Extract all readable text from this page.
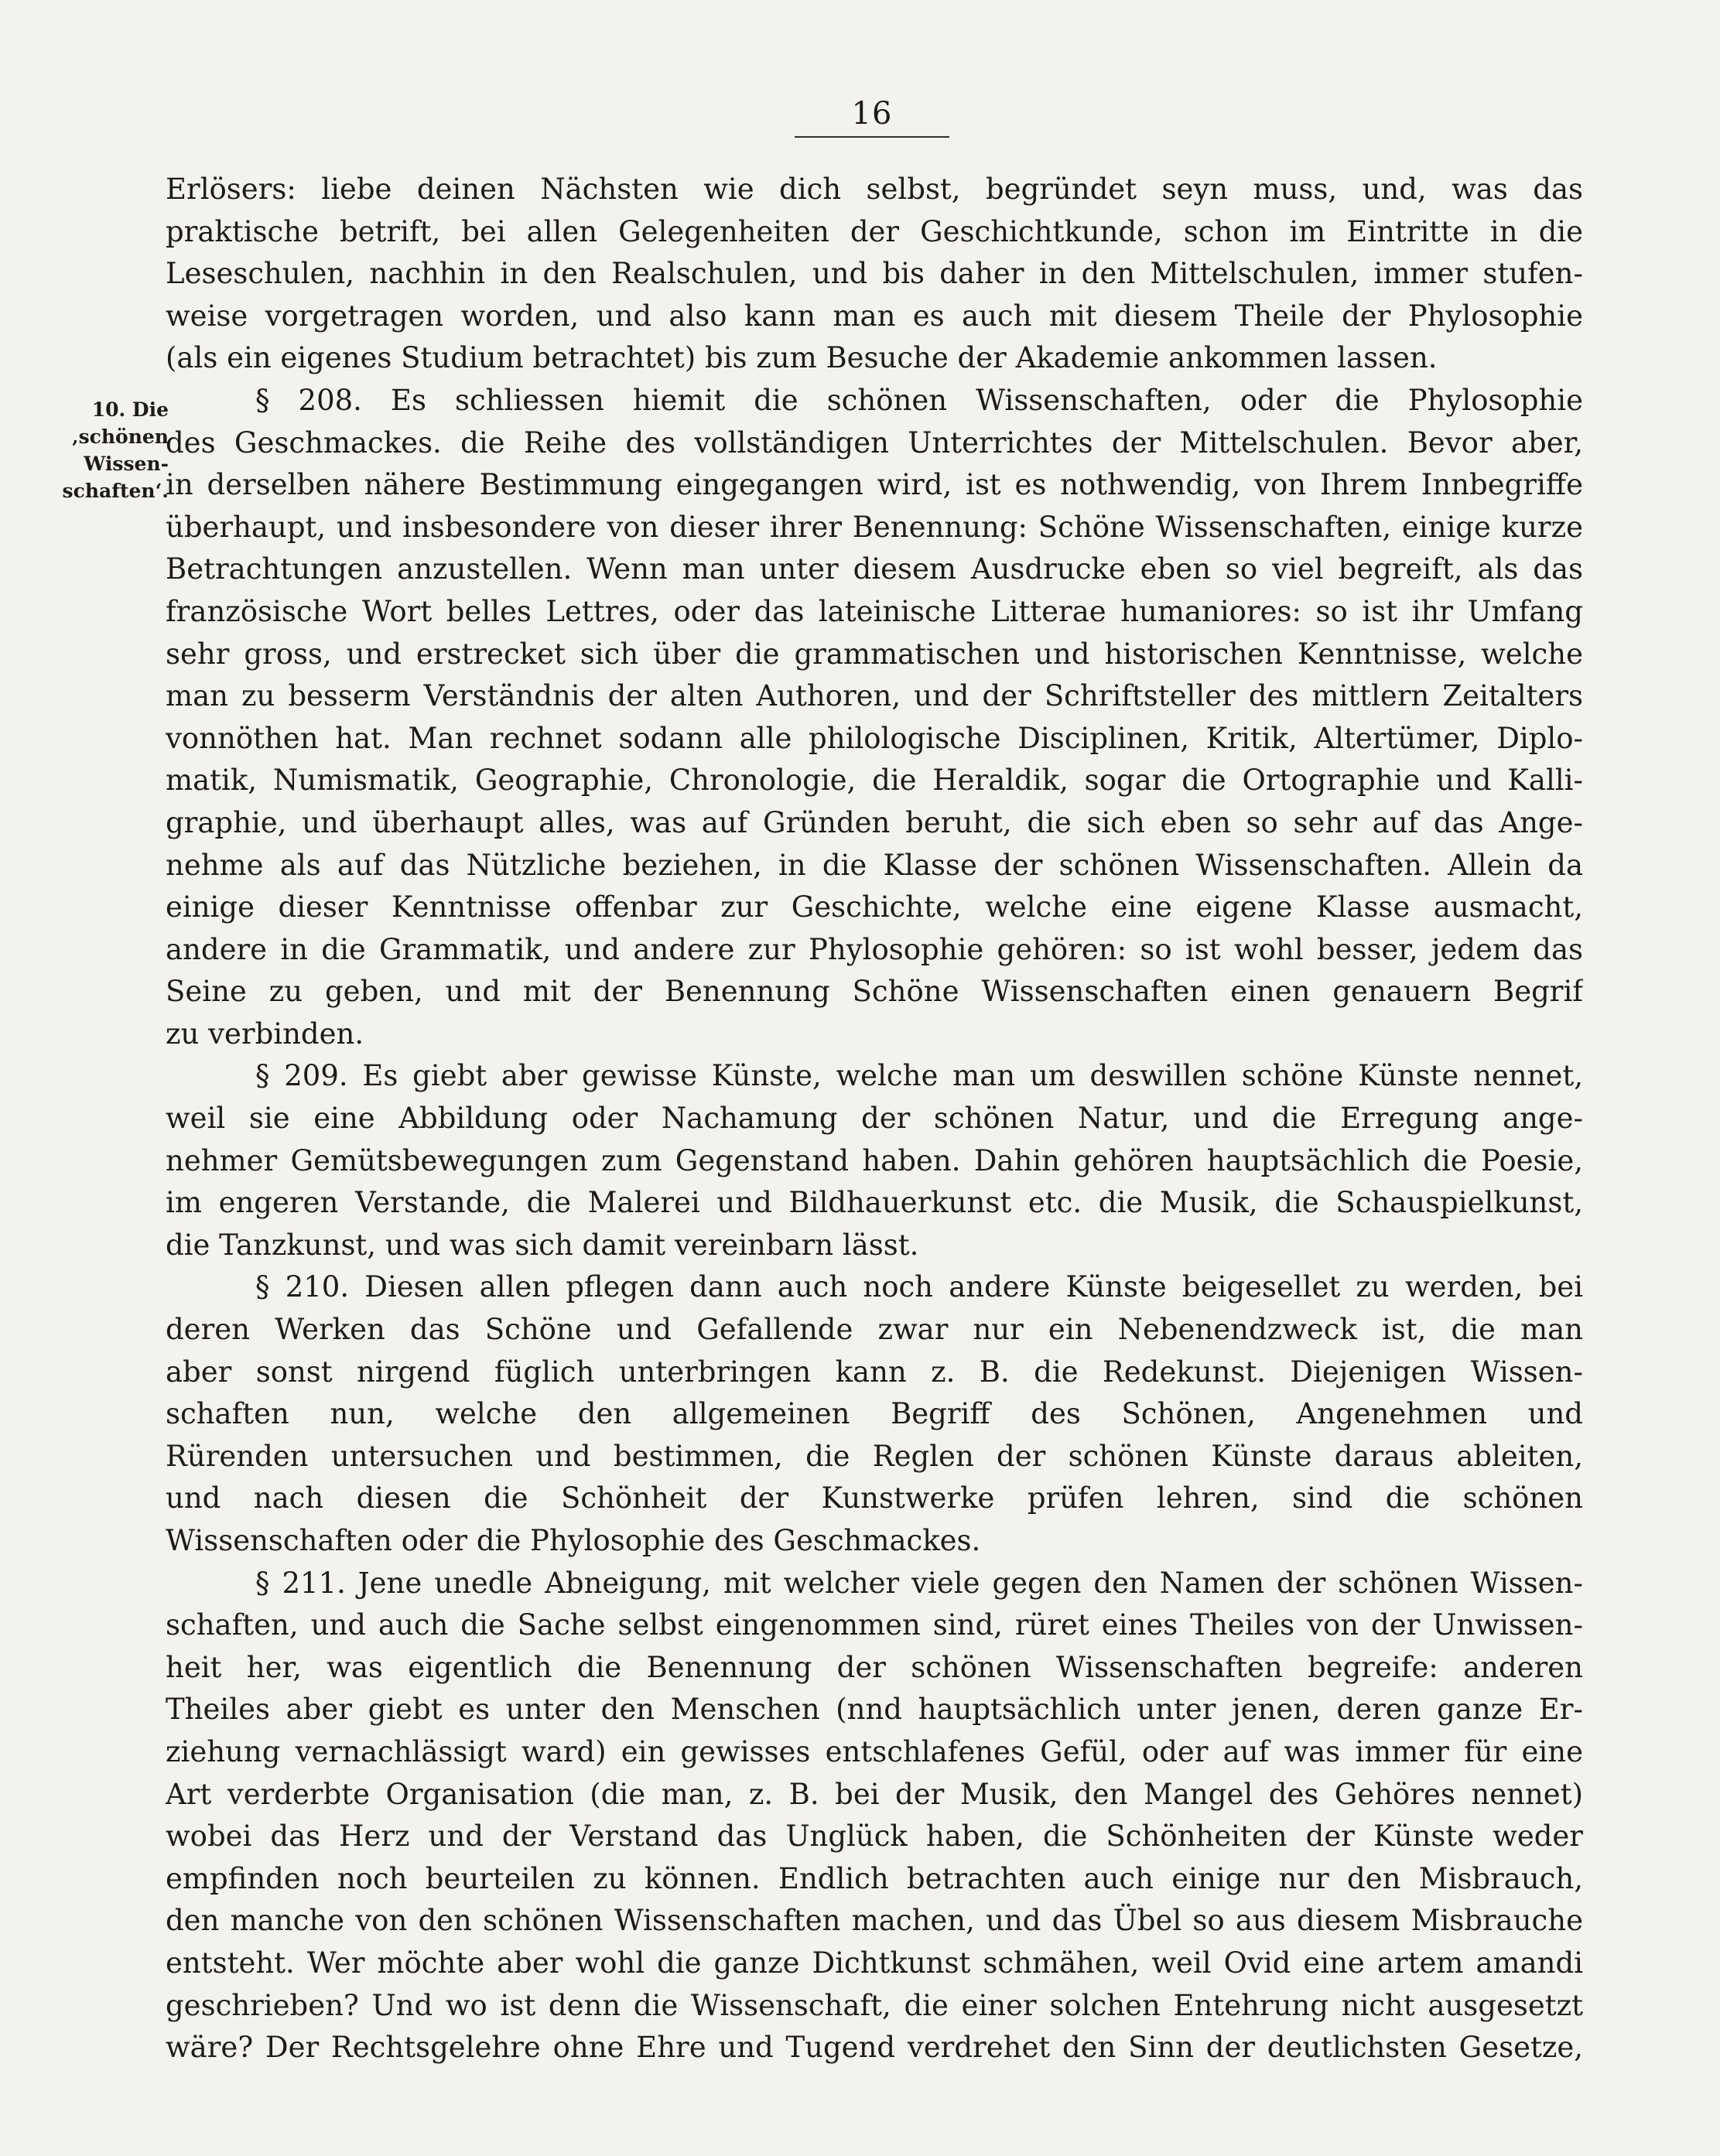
16
10. Die ‚schönen
Wissen-
schaften‘.
Erlösers: liebe deinen Nächsten wie dich selbst, begründet seyn muss, und, was das
praktische betrift, bei allen Gelegenheiten der Geschichtkunde, schon im Eintritte in die
Leseschulen, nachhin in den Realschulen, und bis daher in den Mittelschulen, immer stufen-
weise vorgetragen worden, und also kann man es auch mit diesem Theile der Phylosophie
(als ein eigenes Studium betrachtet) bis zum Besuche der Akademie ankommen lassen.
§ 208. Es schliessen hiemit die schönen Wissenschaften, oder die Phylosophie
des Geschmackes. die Reihe des vollständigen Unterrichtes der Mittelschulen. Bevor aber,
in derselben nähere Bestimmung eingegangen wird, ist es nothwendig, von Ihrem Innbegriffe
überhaupt, und insbesondere von dieser ihrer Benennung: Schöne Wissenschaften, einige kurze
Betrachtungen anzustellen. Wenn man unter diesem Ausdrucke eben so viel begreift, als das
französische Wort belles Lettres, oder das lateinische Litterae humaniores: so ist ihr Umfang
sehr gross, und erstrecket sich über die grammatischen und historischen Kenntnisse, welche
man zu besserm Verständnis der alten Authoren, und der Schriftsteller des mittlern Zeitalters
vonnöthen hat. Man rechnet sodann alle philologische Disciplinen, Kritik, Altertümer, Diplo-
matik, Numismatik, Geographie, Chronologie, die Heraldik, sogar die Ortographie und Kalli-
graphie, und überhaupt alles, was auf Gründen beruht, die sich eben so sehr auf das Ange-
nehme als auf das Nützliche beziehen, in die Klasse der schönen Wissenschaften. Allein da
einige dieser Kenntnisse offenbar zur Geschichte, welche eine eigene Klasse ausmacht,
andere in die Grammatik, und andere zur Phylosophie gehören: so ist wohl besser, jedem das
Seine zu geben, und mit der Benennung Schöne Wissenschaften einen genauern Begrif
zu verbinden.
§ 209. Es giebt aber gewisse Künste, welche man um deswillen schöne Künste nennet,
weil sie eine Abbildung oder Nachamung der schönen Natur, und die Erregung ange-
nehmer Gemütsbewegungen zum Gegenstand haben. Dahin gehören hauptsächlich die Poesie,
im engeren Verstande, die Malerei und Bildhauerkunst etc. die Musik, die Schauspielkunst,
die Tanzkunst, und was sich damit vereinbarn lässt.
§ 210. Diesen allen pflegen dann auch noch andere Künste beigesellet zu werden, bei
deren Werken das Schöne und Gefallende zwar nur ein Nebenendzweck ist, die man
aber sonst nirgend füglich unterbringen kann z. B. die Redekunst. Diejenigen Wissen-
schaften nun, welche den allgemeinen Begriff des Schönen, Angenehmen und
Rürenden untersuchen und bestimmen, die Reglen der schönen Künste daraus ableiten,
und nach diesen die Schönheit der Kunstwerke prüfen lehren, sind die schönen
Wissenschaften oder die Phylosophie des Geschmackes.
§ 211. Jene unedle Abneigung, mit welcher viele gegen den Namen der schönen Wissen-
schaften, und auch die Sache selbst eingenommen sind, rüret eines Theiles von der Unwissen-
heit her, was eigentlich die Benennung der schönen Wissenschaften begreife: anderen
Theiles aber giebt es unter den Menschen (nnd hauptsächlich unter jenen, deren ganze Er-
ziehung vernachlässigt ward) ein gewisses entschlafenes Gefül, oder auf was immer für eine
Art verderbte Organisation (die man, z. B. bei der Musik, den Mangel des Gehöres nennet)
wobei das Herz und der Verstand das Unglück haben, die Schönheiten der Künste weder
empfinden noch beurteilen zu können. Endlich betrachten auch einige nur den Misbrauch,
den manche von den schönen Wissenschaften machen, und das Übel so aus diesem Misbrauche
entsteht. Wer möchte aber wohl die ganze Dichtkunst schmähen, weil Ovid eine artem amandi
geschrieben? Und wo ist denn die Wissenschaft, die einer solchen Entehrung nicht ausgesetzt
wäre? Der Rechtsgelehre ohne Ehre und Tugend verdrehet den Sinn der deutlichsten Gesetze,
